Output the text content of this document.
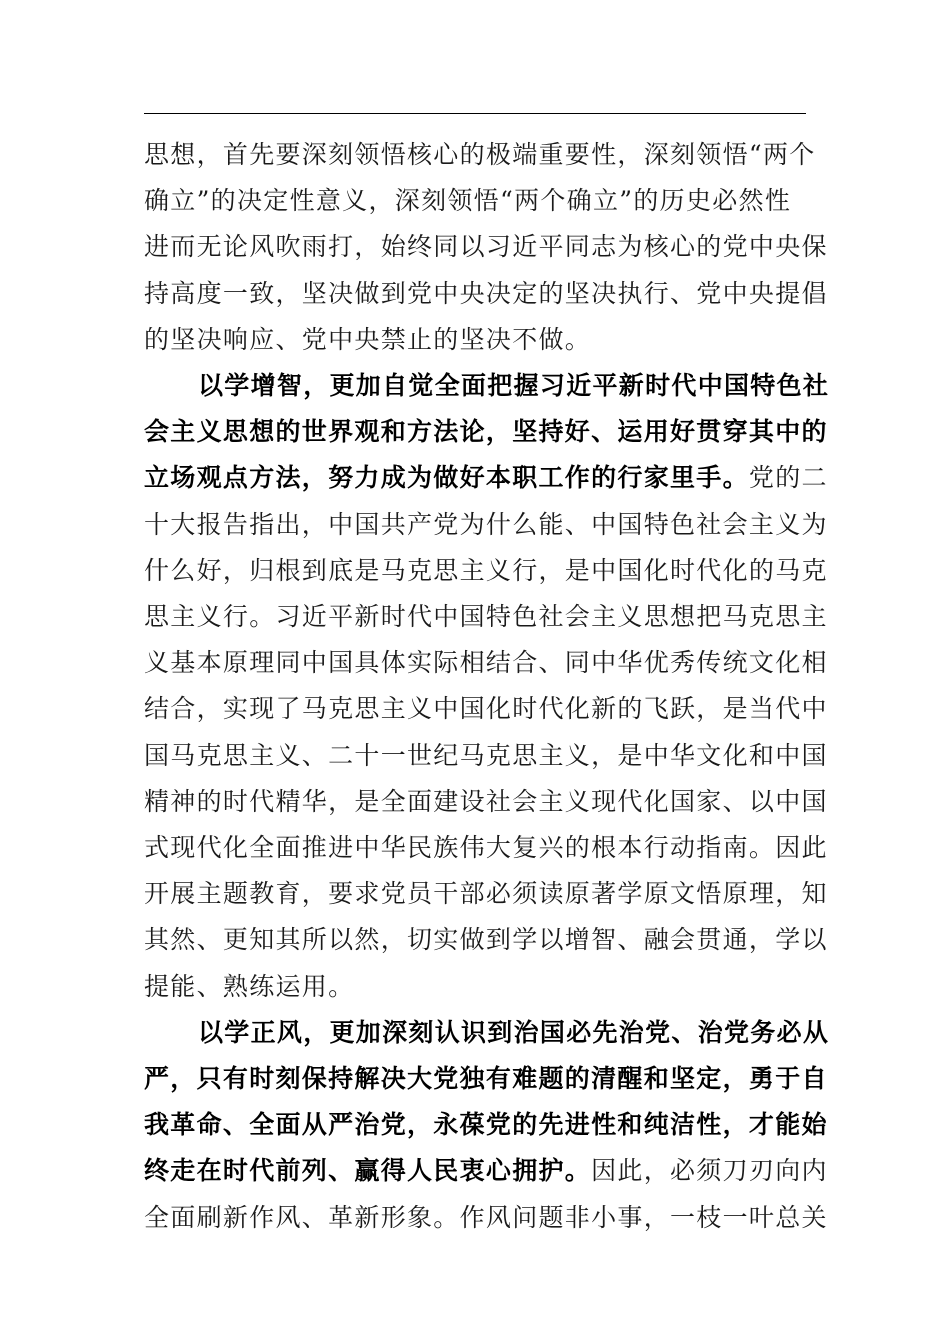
思想，首先要深刻领悟核心的极端重要性，深刻领悟“两个
确立”的决定性意义，深刻领悟“两个确立”的历史必然性
进而无论风吹雨打，始终同以习近平同志为核心的党中央保
持高度一致，坚决做到党中央决定的坚决执行、党中央提倡
的坚决响应、党中央禁止的坚决不做。
以学增智，更加自觉全面把握习近平新时代中国特色社
会主义思想的世界观和方法论，坚持好、运用好贯穿其中的
立场观点方法，努力成为做好本职工作的行家里手。党的二
十大报告指出，中国共产党为什么能、中国特色社会主义为
什么好，归根到底是马克思主义行，是中国化时代化的马克
思主义行。习近平新时代中国特色社会主义思想把马克思主
义基本原理同中国具体实际相结合、同中华优秀传统文化相
结合，实现了马克思主义中国化时代化新的飞跃，是当代中
国马克思主义、二十一世纪马克思主义，是中华文化和中国
精神的时代精华，是全面建设社会主义现代化国家、以中国
式现代化全面推进中华民族伟大复兴的根本行动指南。因此
开展主题教育，要求党员干部必须读原著学原文悟原理，知
其然、更知其所以然，切实做到学以增智、融会贯通，学以
提能、熟练运用。
以学正风，更加深刻认识到治国必先治党、治党务必从
严，只有时刻保持解决大党独有难题的清醒和坚定，勇于自
我革命、全面从严治党，永葆党的先进性和纯洁性，才能始
终走在时代前列、赢得人民衷心拥护。因此，必须刀刃向内
全面刷新作风、革新形象。作风问题非小事，一枝一叶总关
